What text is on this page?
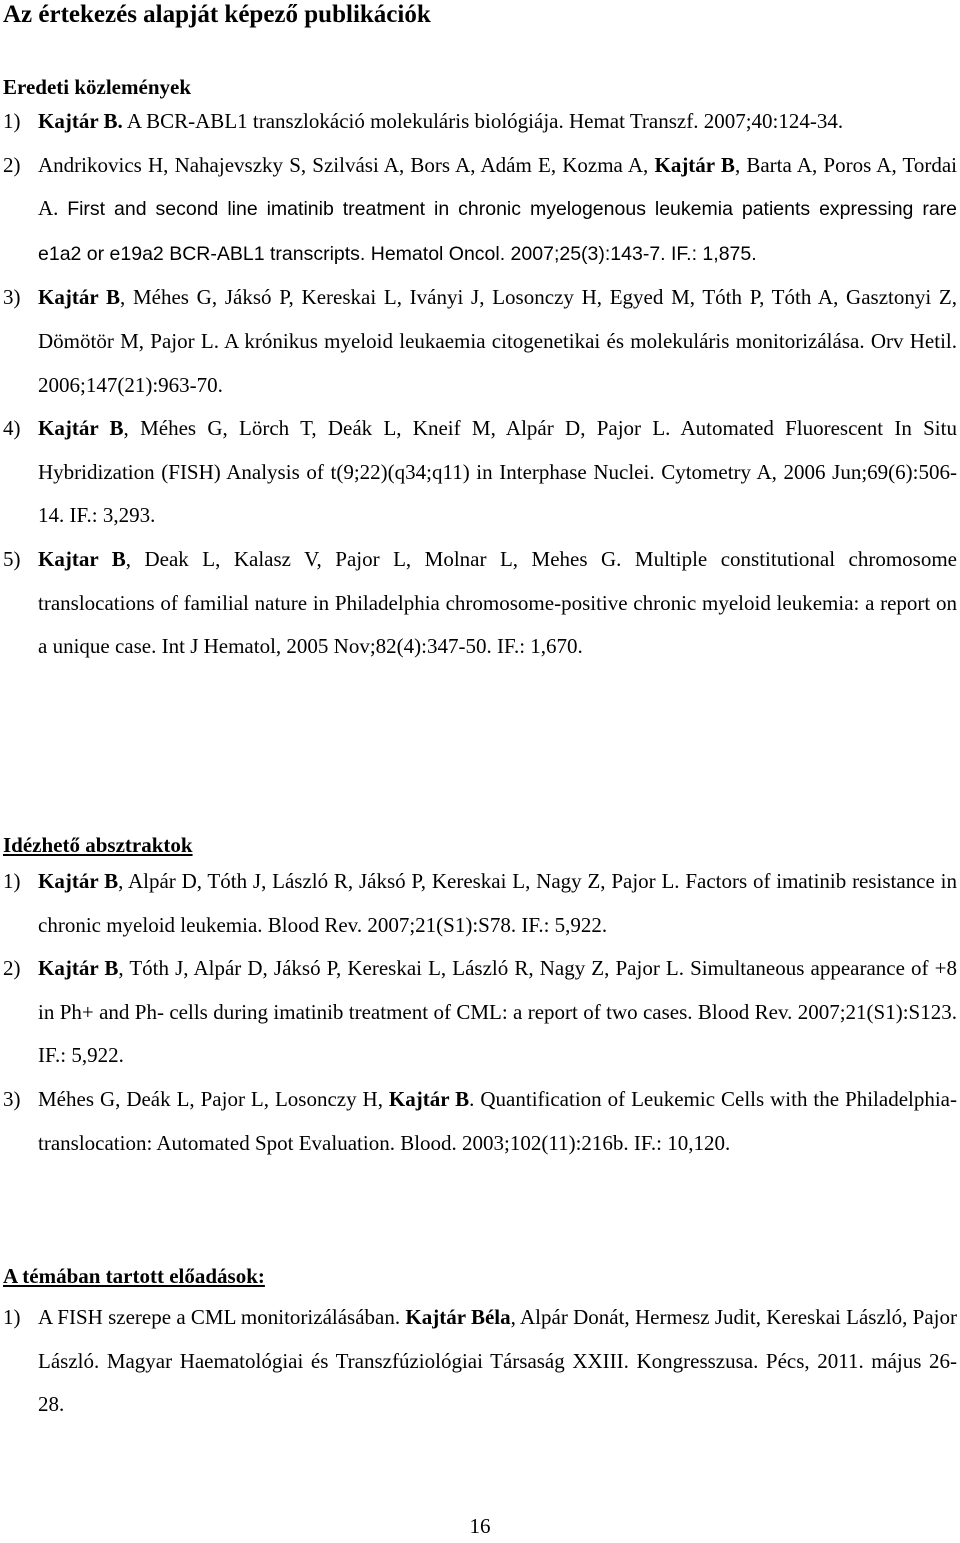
Az értekezés alapját képező publikációk
Eredeti közlemények
1) Kajtár B. A BCR-ABL1 transzlokáció molekuláris biológiája. Hemat Transzf. 2007;40:124-34.
2) Andrikovics H, Nahajevszky S, Szilvási A, Bors A, Adám E, Kozma A, Kajtár B, Barta A, Poros A, Tordai A. First and second line imatinib treatment in chronic myelogenous leukemia patients expressing rare e1a2 or e19a2 BCR-ABL1 transcripts. Hematol Oncol. 2007;25(3):143-7. IF.: 1,875.
3) Kajtár B, Méhes G, Jáksó P, Kereskai L, Iványi J, Losonczy H, Egyed M, Tóth P, Tóth A, Gasztonyi Z, Dömötör M, Pajor L. A krónikus myeloid leukaemia citogenetikai és molekuláris monitorizálása. Orv Hetil. 2006;147(21):963-70.
4) Kajtár B, Méhes G, Lörch T, Deák L, Kneif M, Alpár D, Pajor L. Automated Fluorescent In Situ Hybridization (FISH) Analysis of t(9;22)(q34;q11) in Interphase Nuclei. Cytometry A, 2006 Jun;69(6):506-14. IF.: 3,293.
5) Kajtar B, Deak L, Kalasz V, Pajor L, Molnar L, Mehes G. Multiple constitutional chromosome translocations of familial nature in Philadelphia chromosome-positive chronic myeloid leukemia: a report on a unique case. Int J Hematol, 2005 Nov;82(4):347-50. IF.: 1,670.
Idézhető absztraktok
1) Kajtár B, Alpár D, Tóth J, László R, Jáksó P, Kereskai L, Nagy Z, Pajor L. Factors of imatinib resistance in chronic myeloid leukemia. Blood Rev. 2007;21(S1):S78. IF.: 5,922.
2) Kajtár B, Tóth J, Alpár D, Jáksó P, Kereskai L, László R, Nagy Z, Pajor L. Simultaneous appearance of +8 in Ph+ and Ph- cells during imatinib treatment of CML: a report of two cases. Blood Rev. 2007;21(S1):S123. IF.: 5,922.
3) Méhes G, Deák L, Pajor L, Losonczy H, Kajtár B. Quantification of Leukemic Cells with the Philadelphia-translocation: Automated Spot Evaluation. Blood. 2003;102(11):216b. IF.: 10,120.
A témában tartott előadások:
1) A FISH szerepe a CML monitorizálásában. Kajtár Béla, Alpár Donát, Hermesz Judit, Kereskai László, Pajor László. Magyar Haematológiai és Transzfúziológiai Társaság XXIII. Kongresszusa. Pécs, 2011. május 26-28.
16
